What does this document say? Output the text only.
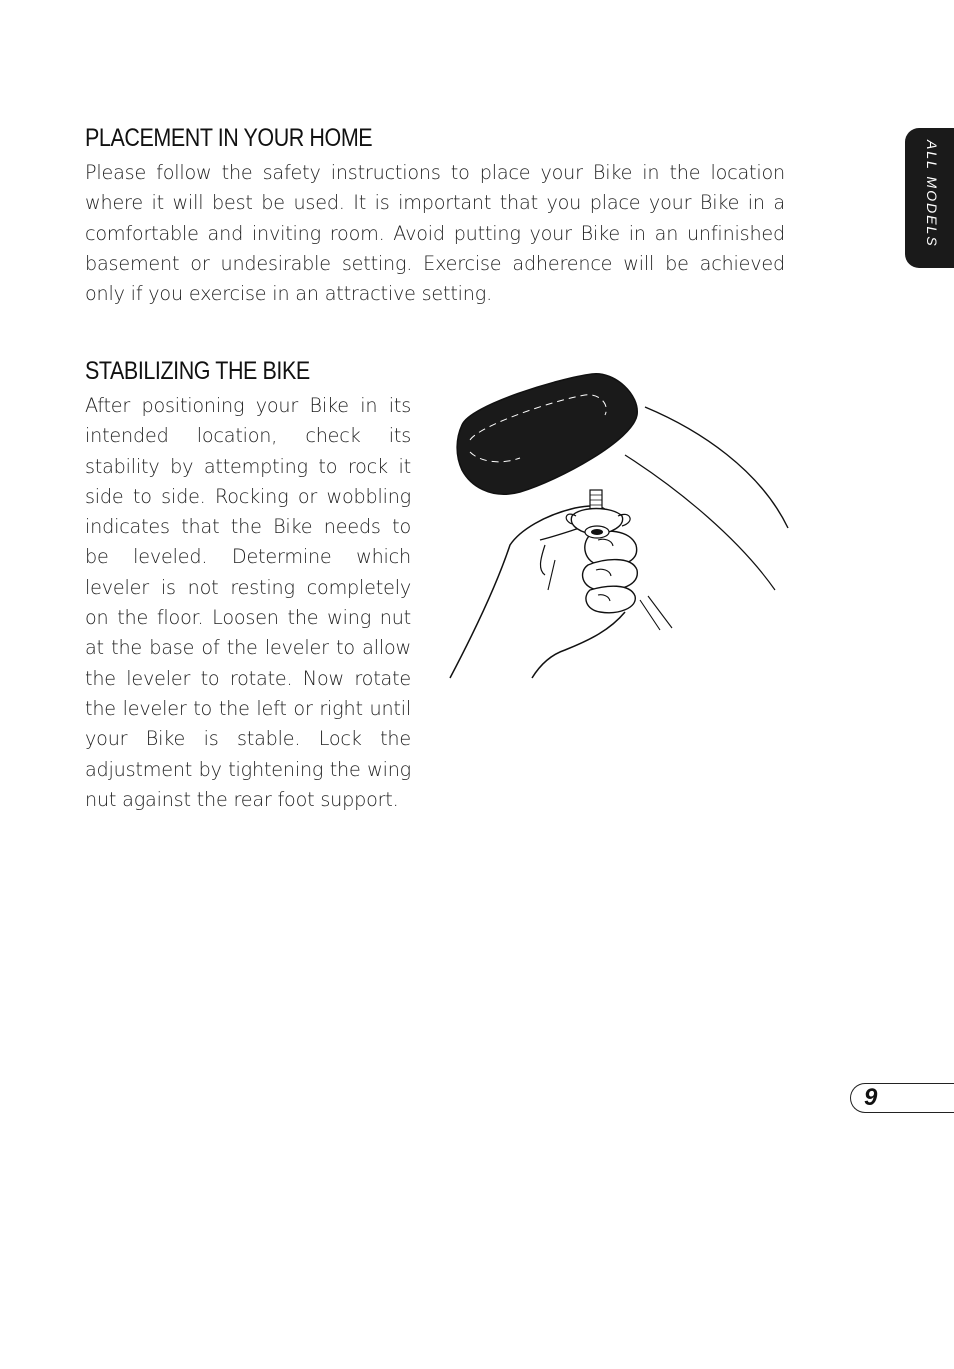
PLACEMENT IN YOUR HOME

Please follow the safety instructions to place your Bike in the location where it will best be used. It is important that you place your Bike in a comfortable and inviting room. Avoid putting your Bike in an unfinished basement or undesirable setting. Exercise adherence will be achieved only if you exercise in an attractive setting.

STABILIZING THE BIKE

After positioning your Bike in its intended location, check its stability by attempting to rock it side to side. Rocking or wobbling indicates that the Bike needs to be leveled. Determine which leveler is not resting completely on the floor. Loosen the wing nut at the base of the leveler to allow the leveler to rotate. Now rotate the leveler to the left or right until your Bike is stable. Lock the adjustment by tightening the wing nut against the rear foot support.

ALL MODELS
9
